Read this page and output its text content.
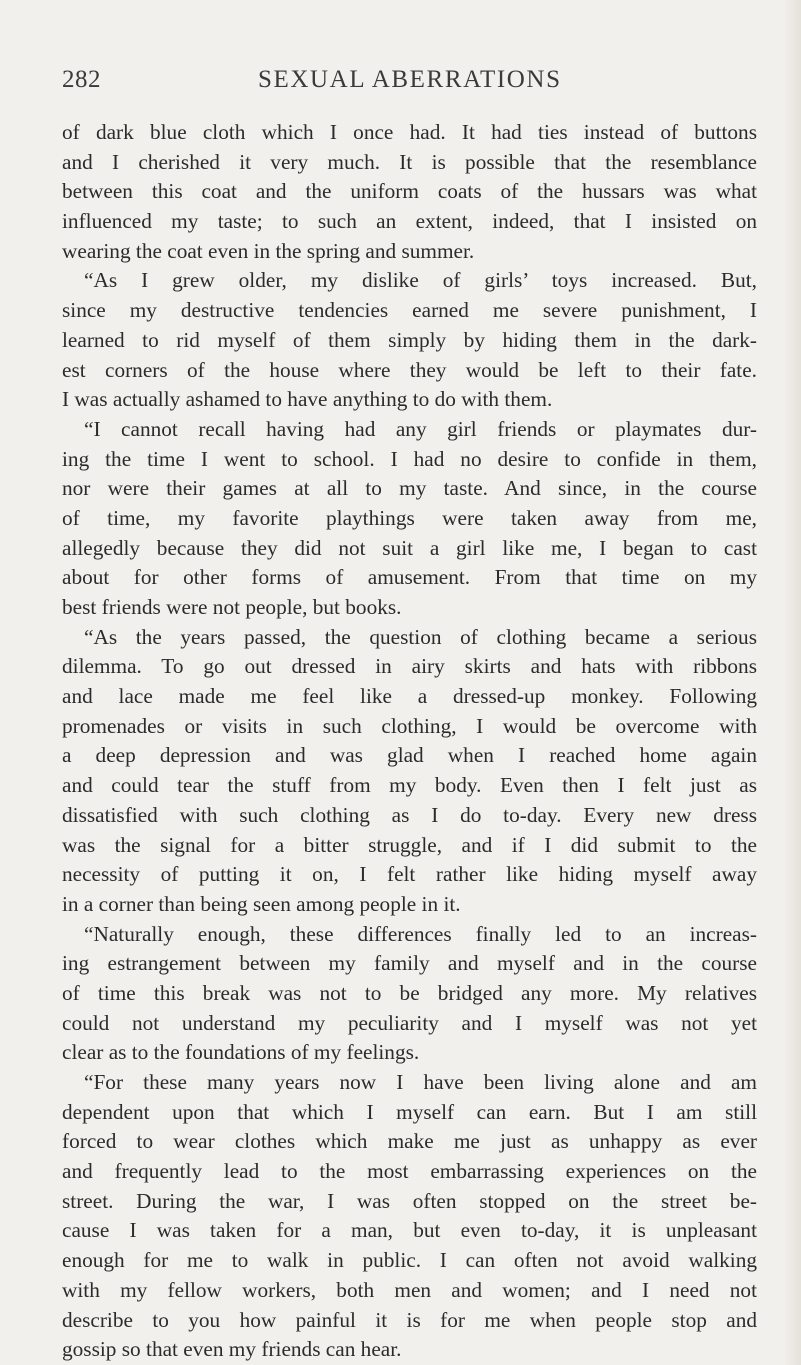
282	SEXUAL ABERRATIONS
of dark blue cloth which I once had. It had ties instead of buttons
and I cherished it very much. It is possible that the resemblance
between this coat and the uniform coats of the hussars was what
influenced my taste; to such an extent, indeed, that I insisted on
wearing the coat even in the spring and summer.
“As I grew older, my dislike of girls’ toys increased. But,
since my destructive tendencies earned me severe punishment, I
learned to rid myself of them simply by hiding them in the dark-
est corners of the house where they would be left to their fate.
I was actually ashamed to have anything to do with them.
“I cannot recall having had any girl friends or playmates dur-
ing the time I went to school. I had no desire to confide in them,
nor were their games at all to my taste. And since, in the course
of time, my favorite playthings were taken away from me,
allegedly because they did not suit a girl like me, I began to cast
about for other forms of amusement. From that time on my
best friends were not people, but books.
“As the years passed, the question of clothing became a serious
dilemma. To go out dressed in airy skirts and hats with ribbons
and lace made me feel like a dressed-up monkey. Following
promenades or visits in such clothing, I would be overcome with
a deep depression and was glad when I reached home again
and could tear the stuff from my body. Even then I felt just as
dissatisfied with such clothing as I do to-day. Every new dress
was the signal for a bitter struggle, and if I did submit to the
necessity of putting it on, I felt rather like hiding myself away
in a corner than being seen among people in it.
“Naturally enough, these differences finally led to an increas-
ing estrangement between my family and myself and in the course
of time this break was not to be bridged any more. My relatives
could not understand my peculiarity and I myself was not yet
clear as to the foundations of my feelings.
“For these many years now I have been living alone and am
dependent upon that which I myself can earn. But I am still
forced to wear clothes which make me just as unhappy as ever
and frequently lead to the most embarrassing experiences on the
street. During the war, I was often stopped on the street be-
cause I was taken for a man, but even to-day, it is unpleasant
enough for me to walk in public. I can often not avoid walking
with my fellow workers, both men and women; and I need not
describe to you how painful it is for me when people stop and
gossip so that even my friends can hear.
